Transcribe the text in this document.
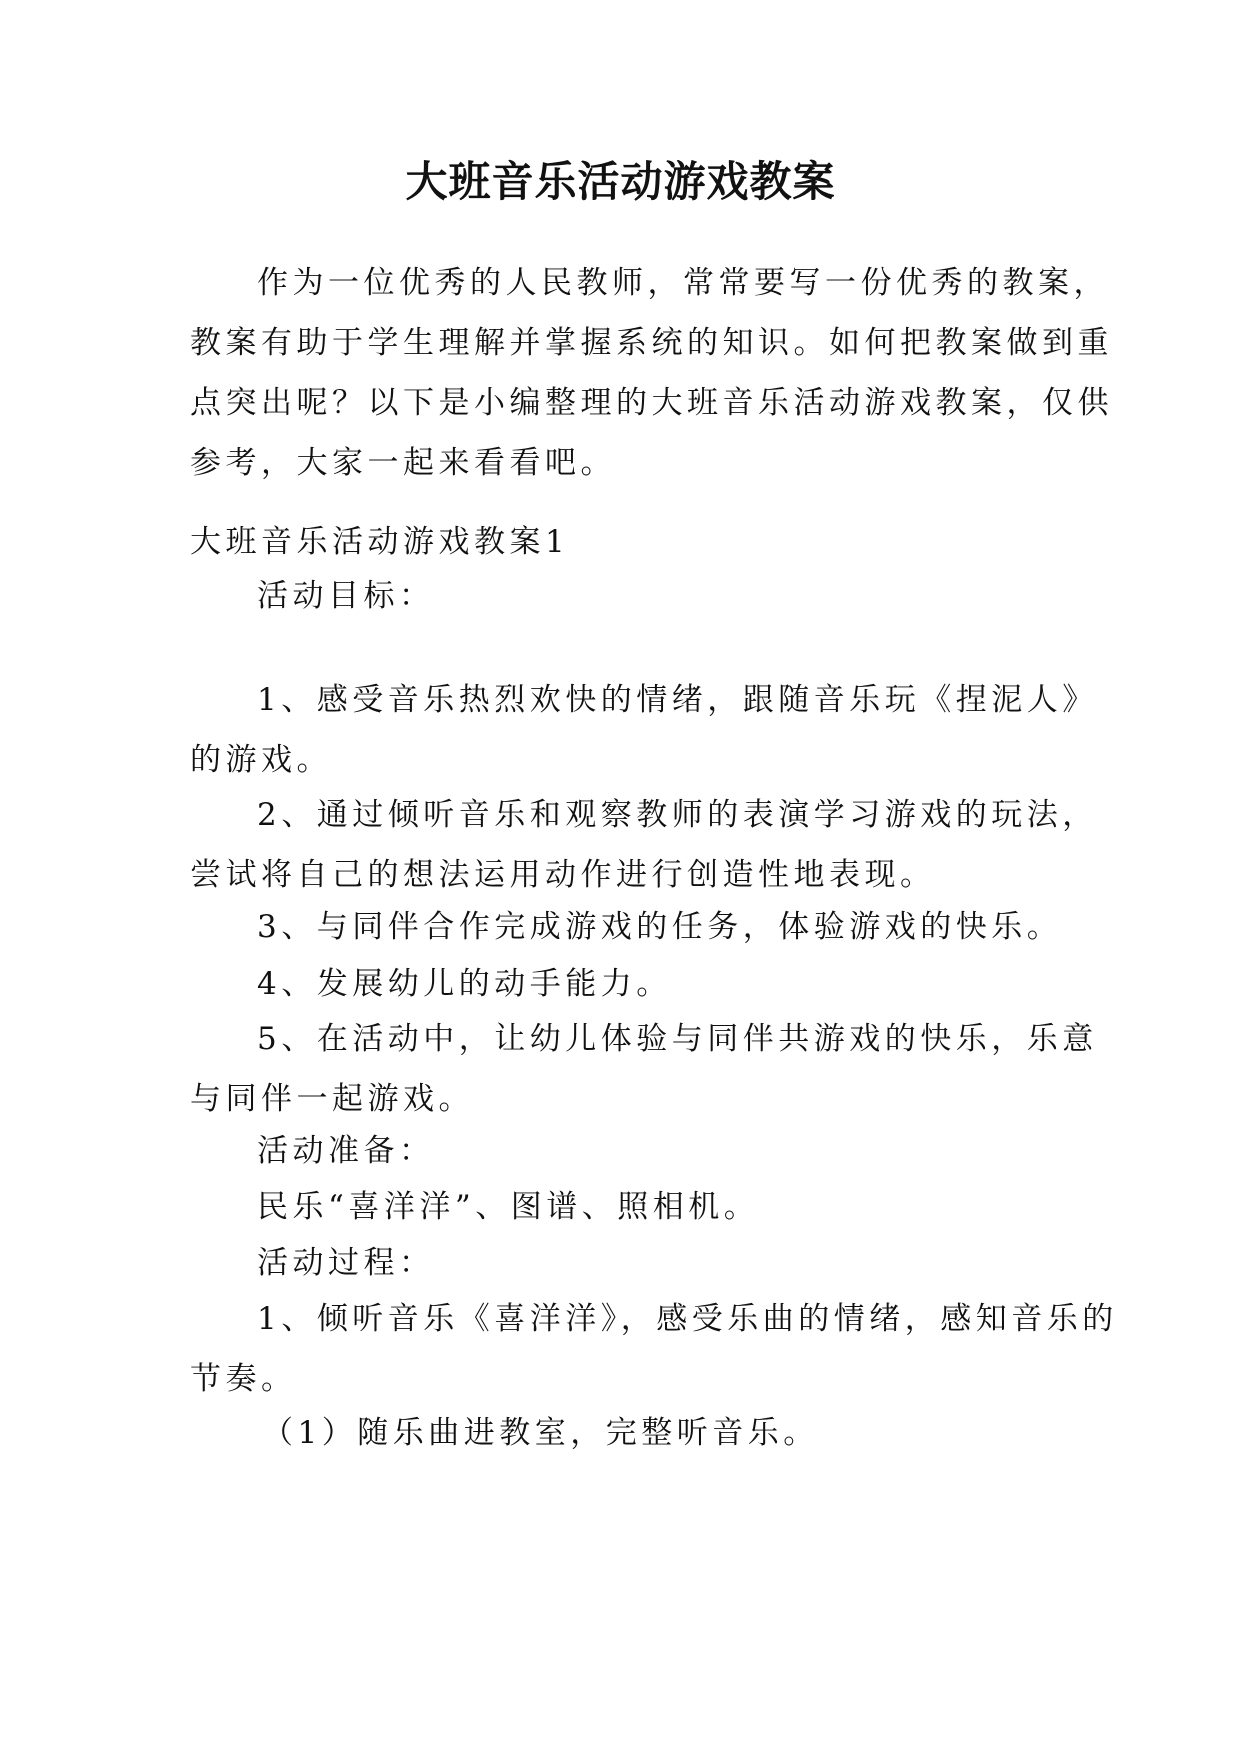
大班音乐活动游戏教案
作为一位优秀的人民教师，常常要写一份优秀的教案，
教案有助于学生理解并掌握系统的知识。如何把教案做到重
点突出呢？以下是小编整理的大班音乐活动游戏教案，仅供
参考，大家一起来看看吧。
大班音乐活动游戏教案1
活动目标：
1、感受音乐热烈欢快的情绪，跟随音乐玩《捏泥人》
的游戏。
2、通过倾听音乐和观察教师的表演学习游戏的玩法，
尝试将自己的想法运用动作进行创造性地表现。
3、与同伴合作完成游戏的任务，体验游戏的快乐。
4、发展幼儿的动手能力。
5、在活动中，让幼儿体验与同伴共游戏的快乐，乐意
与同伴一起游戏。
活动准备：
民乐“喜洋洋”、图谱、照相机。
活动过程：
1、倾听音乐《喜洋洋》，感受乐曲的情绪，感知音乐的
节奏。
（1）随乐曲进教室，完整听音乐。
